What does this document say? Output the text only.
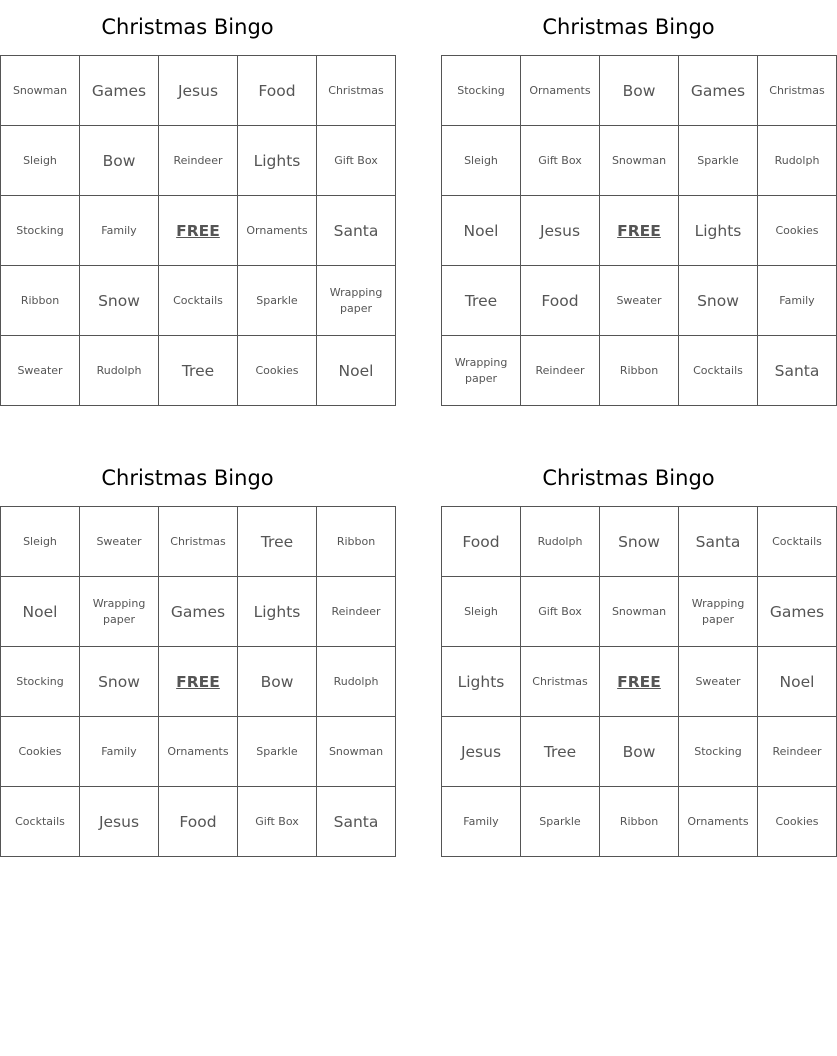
Christmas Bingo
Snowman	Games	Jesus	Food	Christmas
Sleigh	Bow	Reindeer	Lights	Gift Box
Stocking	Family	FREE	Ornaments	Santa
Ribbon	Snow	Cocktails	Sparkle	Wrapping paper
Sweater	Rudolph	Tree	Cookies	Noel
Christmas Bingo
Stocking	Ornaments	Bow	Games	Christmas
Sleigh	Gift Box	Snowman	Sparkle	Rudolph
Noel	Jesus	FREE	Lights	Cookies
Tree	Food	Sweater	Snow	Family
Wrapping paper	Reindeer	Ribbon	Cocktails	Santa
Christmas Bingo
Sleigh	Sweater	Christmas	Tree	Ribbon
Noel	Wrapping paper	Games	Lights	Reindeer
Stocking	Snow	FREE	Bow	Rudolph
Cookies	Family	Ornaments	Sparkle	Snowman
Cocktails	Jesus	Food	Gift Box	Santa
Christmas Bingo
Food	Rudolph	Snow	Santa	Cocktails
Sleigh	Gift Box	Snowman	Wrapping paper	Games
Lights	Christmas	FREE	Sweater	Noel
Jesus	Tree	Bow	Stocking	Reindeer
Family	Sparkle	Ribbon	Ornaments	Cookies
